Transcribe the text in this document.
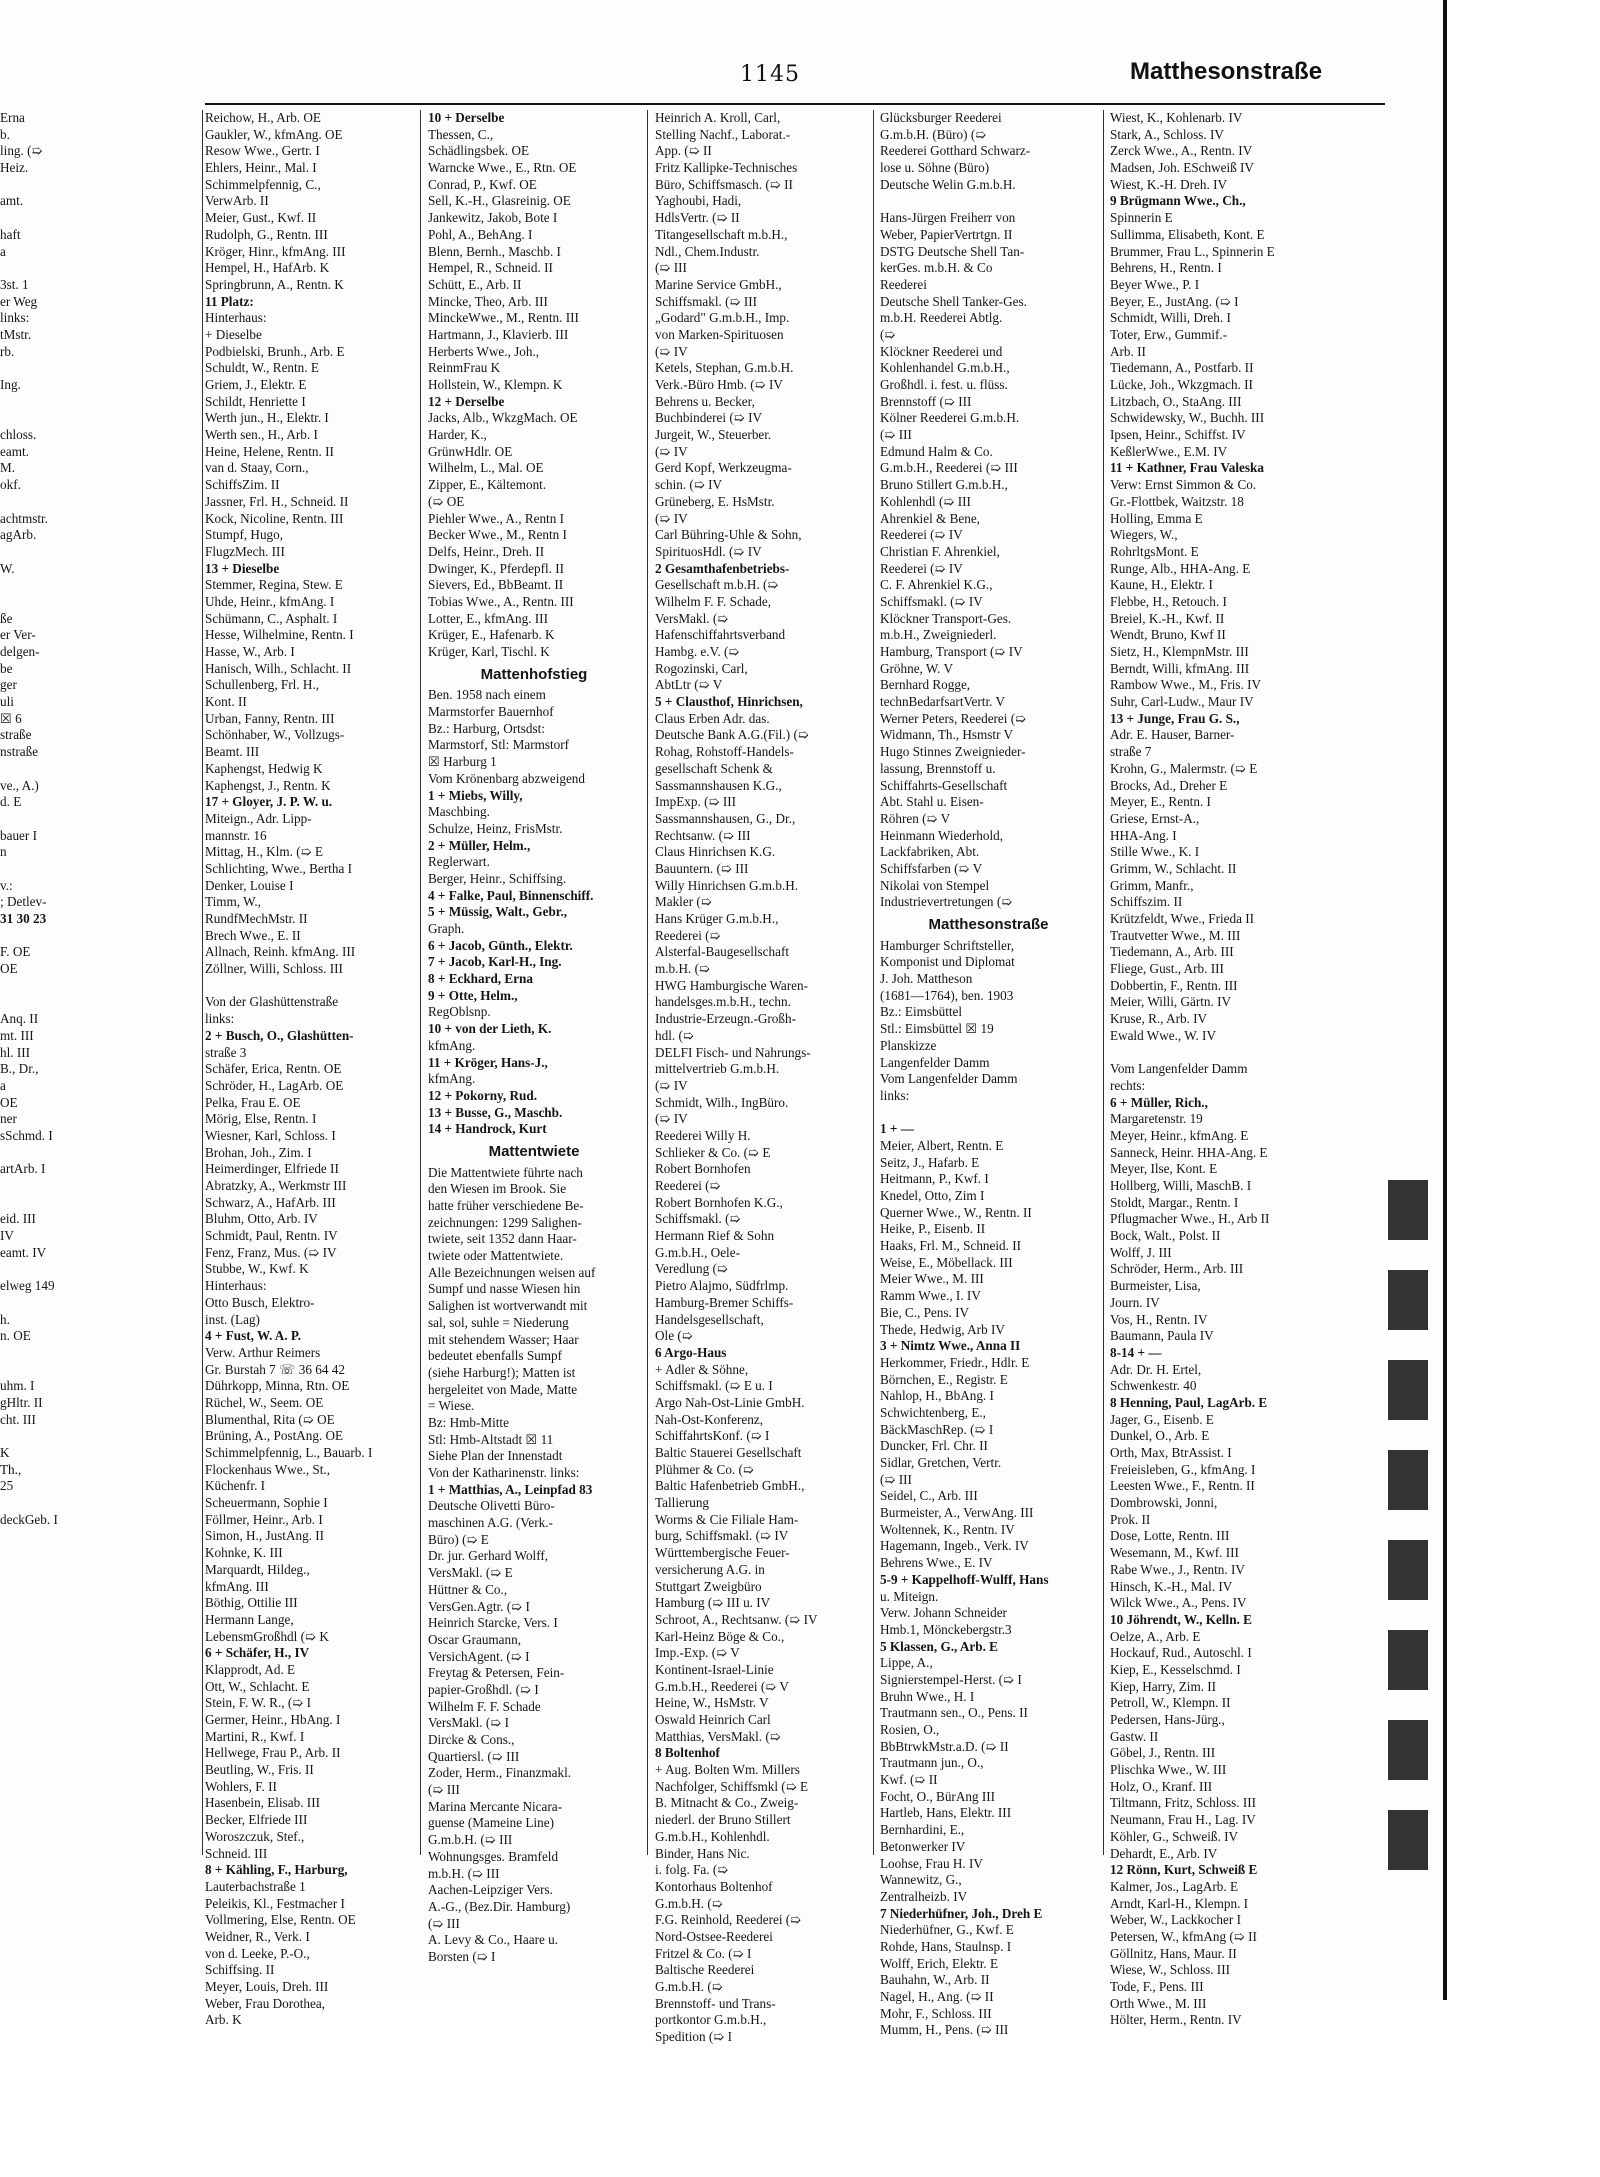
1145	Matthesonstraße
Erna
b.
ling. (➯
Heiz.
amt.
haft
a
3st. 1
er Weg
links:
tMstr.
rb.
Ing.
chloss.
eamt.
M.
okf.
achtmstr.
agArb.
W.
ße
er Ver-
delgen-
be
ger
uli
☒ 6
straße
nstraße
ve., A.)
d. E
bauer I
n
v.:
; Detlev-
31 30 23
F. OE
OE
Anq. II
mt. III
hl. III
B., Dr.,
a
OE
ner
sSchmd. I
artArb. I
eid. III
IV
eamt. IV
elweg 149
h.
n. OE
uhm. I
gHltr. II
cht. III
K
Th.,
25
deckGeb. I
Reichow, H., Arb. OE
Gaukler, W., kfmAng. OE
Resow Wwe., Gertr. I
Ehlers, Heinr., Mal. I
Schimmelpfennig, C.,
VerwArb. II
Meier, Gust., Kwf. II
Rudolph, G., Rentn. III
Kröger, Hinr., kfmAng. III
Hempel, H., HafArb. K
Springbrunn, A., Rentn. K
11 Platz:
Hinterhaus:
+ Dieselbe
Podbielski, Brunh., Arb. E
Schuldt, W., Rentn. E
Griem, J., Elektr. E
Schildt, Henriette I
Werth jun., H., Elektr. I
Werth sen., H., Arb. I
Heine, Helene, Rentn. II
van d. Staay, Corn.,
SchiffsZim. II
Jassner, Frl. H., Schneid. II
Kock, Nicoline, Rentn. III
Stumpf, Hugo,
FlugzMech. III
13 + Dieselbe
Stemmer, Regina, Stew. E
Uhde, Heinr., kfmAng. I
Schümann, C., Asphalt. I
Hesse, Wilhelmine, Rentn. I
Hasse, W., Arb. I
Hanisch, Wilh., Schlacht. II
Schullenberg, Frl. H.,
Kont. II
Urban, Fanny, Rentn. III
Schönhaber, W., Vollzugs-
Beamt. III
Kaphengst, Hedwig K
Kaphengst, J., Rentn. K
17 + Gloyer, J. P. W. u.
Miteign., Adr. Lipp-
mannstr. 16
Mittag, H., Klm. (➯ E
Schlichting, Wwe., Bertha I
Denker, Louise I
Timm, W.,
RundfMechMstr. II
Brech Wwe., E. II
Allnach, Reinh. kfmAng. III
Zöllner, Willi, Schloss. III
Von der Glashüttenstraße
links:
2 + Busch, O., Glashütten-
straße 3
Schäfer, Erica, Rentn. OE
Schröder, H., LagArb. OE
Pelka, Frau E. OE
Mörig, Else, Rentn. I
Wiesner, Karl, Schloss. I
Brohan, Joh., Zim. I
Heimerdinger, Elfriede II
Abratzky, A., Werkmstr III
Schwarz, A., HafArb. III
Bluhm, Otto, Arb. IV
Schmidt, Paul, Rentn. IV
Fenz, Franz, Mus. (➯ IV
Stubbe, W., Kwf. K
Hinterhaus:
Otto Busch, Elektro-
inst. (Lag)
4 + Fust, W. A. P.
Verw. Arthur Reimers
Gr. Burstah 7 ☏ 36 64 42
Dührkopp, Minna, Rtn. OE
Rüchel, W., Seem. OE
Blumenthal, Rita (➯ OE
Brüning, A., PostAng. OE
Schimmelpfennig, L., Bauarb. I
Flockenhaus Wwe., St.,
Küchenfr. I
Scheuermann, Sophie I
Föllmer, Heinr., Arb. I
Simon, H., JustAng. II
Kohnke, K. III
Marquardt, Hildeg.,
kfmAng. III
Böthig, Ottilie III
Hermann Lange,
LebensmGroßhdl (➯ K
6 + Schäfer, H., IV
Klapprodt, Ad. E
Ott, W., Schlacht. E
Stein, F. W. R., (➯ I
Germer, Heinr., HbAng. I
Martini, R., Kwf. I
Hellwege, Frau P., Arb. II
Beutling, W., Fris. II
Wohlers, F. II
Hasenbein, Elisab. III
Becker, Elfriede III
Woroszczuk, Stef.,
Schneid. III
8 + Kähling, F., Harburg,
Lauterbachstraße 1
Peleikis, Kl., Festmacher I
Vollmering, Else, Rentn. OE
Weidner, R., Verk. I
von d. Leeke, P.-O.,
Schiffsing. II
Meyer, Louis, Dreh. III
Weber, Frau Dorothea,
Arb. K
10 + Derselbe
Thessen, C.,
Schädlingsbek. OE
Warncke Wwe., E., Rtn. OE
Conrad, P., Kwf. OE
Sell, K.-H., Glasreinig. OE
Jankewitz, Jakob, Bote I
Pohl, A., BehAng. I
Blenn, Bernh., Maschb. I
Hempel, R., Schneid. II
Schütt, E., Arb. II
Mincke, Theo, Arb. III
MinckeWwe., M., Rentn. III
Hartmann, J., Klavierb. III
Herberts Wwe., Joh.,
ReinmFrau K
Hollstein, W., Klempn. K
12 + Derselbe
Jacks, Alb., WkzgMach. OE
Harder, K.,
GrünwHdlr. OE
Wilhelm, L., Mal. OE
Zipper, E., Kältemont.
(➯ OE
Piehler Wwe., A., Rentn I
Becker Wwe., M., Rentn I
Delfs, Heinr., Dreh. II
Dwinger, K., Pferdepfl. II
Sievers, Ed., BbBeamt. II
Tobias Wwe., A., Rentn. III
Lotter, E., kfmAng. III
Krüger, E., Hafenarb. K
Krüger, Karl, Tischl. K
Mattenhofstieg
Ben. 1958 nach einem
Marmstorfer Bauernhof
Bz.: Harburg, Ortsdst:
Marmstorf, Stl: Marmstorf
☒ Harburg 1
Vom Krönenbarg abzweigend
1 + Miebs, Willy,
Maschbing.
Schulze, Heinz, FrisMstr.
2 + Müller, Helm.,
Reglerwart.
Berger, Heinr., Schiffsing.
4 + Falke, Paul, Binnenschiff.
5 + Müssig, Walt., Gebr.,
Graph.
6 + Jacob, Günth., Elektr.
7 + Jacob, Karl-H., Ing.
8 + Eckhard, Erna
9 + Otte, Helm.,
RegOblsnp.
10 + von der Lieth, K.
kfmAng.
11 + Kröger, Hans-J.,
kfmAng.
12 + Pokorny, Rud.
13 + Busse, G., Maschb.
14 + Handrock, Kurt
Mattentwiete
Die Mattentwiete führte nach
den Wiesen im Brook. Sie
hatte früher verschiedene Be-
zeichnungen: 1299 Salighen-
twiete, seit 1352 dann Haar-
twiete oder Mattentwiete.
Alle Bezeichnungen weisen auf
Sumpf und nasse Wiesen hin
Salighen ist wortverwandt mit
sal, sol, suhle = Niederung
mit stehendem Wasser; Haar
bedeutet ebenfalls Sumpf
(siehe Harburg!); Matten ist
hergeleitet von Made, Matte
= Wiese.
Bz: Hmb-Mitte
Stl: Hmb-Altstadt ☒ 11
Siehe Plan der Innenstadt
Von der Katharinenstr. links:
1 + Matthias, A., Leinpfad 83
Deutsche Olivetti Büro-
maschinen A.G. (Verk.-
Büro) (➯ E
Dr. jur. Gerhard Wolff,
VersMakl. (➯ E
Hüttner & Co.,
VersGen.Agtr. (➯ I
Heinrich Starcke, Vers. I
Oscar Graumann,
VersichAgent. (➯ I
Freytag & Petersen, Fein-
papier-Großhdl. (➯ I
Wilhelm F. F. Schade
VersMakl. (➯ I
Dircke & Cons.,
Quartiersl. (➯ III
Zoder, Herm., Finanzmakl.
(➯ III
Marina Mercante Nicara-
guense (Mameine Line)
G.m.b.H. (➯ III
Wohnungsges. Bramfeld
m.b.H. (➯ III
Aachen-Leipziger Vers.
A.-G., (Bez.Dir. Hamburg)
(➯ III
A. Levy & Co., Haare u.
Borsten (➯ I
Heinrich A. Kroll, Carl,
Stelling Nachf., Laborat.-
App. (➯ II
Fritz Kallipke-Technisches
Büro, Schiffsmasch. (➯ II
Yaghoubi, Hadi,
HdlsVertr. (➯ II
Titangesellschaft m.b.H.,
Ndl., Chem.Industr.
(➯ III
Marine Service GmbH.,
Schiffsmakl. (➯ III
„Godard" G.m.b.H., Imp.
von Marken-Spirituosen
(➯ IV
Ketels, Stephan, G.m.b.H.
Verk.-Büro Hmb. (➯ IV
Behrens u. Becker,
Buchbinderei (➯ IV
Jurgeit, W., Steuerber.
(➯ IV
Gerd Kopf, Werkzeugma-
schin. (➯ IV
Grüneberg, E. HsMstr.
(➯ IV
Carl Bühring-Uhle & Sohn,
SpirituosHdl. (➯ IV
2 Gesamthafenbetriebs-
Gesellschaft m.b.H. (➯
Wilhelm F. F. Schade,
VersMakl. (➯
Hafenschiffahrtsverband
Hambg. e.V. (➯
Rogozinski, Carl,
AbtLtr (➯ V
5 + Clausthof, Hinrichsen,
Claus Erben Adr. das.
Deutsche Bank A.G.(Fil.) (➯
Rohag, Rohstoff-Handels-
gesellschaft Schenk &
Sassmannshausen K.G.,
ImpExp. (➯ III
Sassmannshausen, G., Dr.,
Rechtsanw. (➯ III
Claus Hinrichsen K.G.
Bauuntern. (➯ III
Willy Hinrichsen G.m.b.H.
Makler (➯
Hans Krüger G.m.b.H.,
Reederei (➯
Alsterfal-Baugesellschaft
m.b.H. (➯
HWG Hamburgische Waren-
handelsges.m.b.H., techn.
Industrie-Erzeugn.-Großh-
hdl. (➯
DELFI Fisch- und Nahrungs-
mittelvertrieb G.m.b.H.
(➯ IV
Schmidt, Wilh., IngBüro.
(➯ IV
Reederei Willy H.
Schlieker & Co. (➯ E
Robert Bornhofen
Reederei (➯
Robert Bornhofen K.G.,
Schiffsmakl. (➯
Hermann Rief & Sohn
G.m.b.H., Oele-
Veredlung (➯
Pietro Alajmo, Südfrlmp.
Hamburg-Bremer Schiffs-
Handelsgesellschaft,
Ole (➯
6 Argo-Haus
+ Adler & Söhne,
Schiffsmakl. (➯ E u. I
Argo Nah-Ost-Linie GmbH.
Nah-Ost-Konferenz,
SchiffahrtsKonf. (➯ I
Baltic Stauerei Gesellschaft
Plühmer & Co. (➯
Baltic Hafenbetrieb GmbH.,
Tallierung
Worms & Cie Filiale Ham-
burg, Schiffsmakl. (➯ IV
Württembergische Feuer-
versicherung A.G. in
Stuttgart Zweigbüro
Hamburg (➯ III u. IV
Schroot, A., Rechtsanw. (➯ IV
Karl-Heinz Böge & Co.,
Imp.-Exp. (➯ V
Kontinent-Israel-Linie
G.m.b.H., Reederei (➯ V
Heine, W., HsMstr. V
Oswald Heinrich Carl
Matthias, VersMakl. (➯
8 Boltenhof
+ Aug. Bolten Wm. Millers
Nachfolger, Schiffsmkl (➯ E
B. Mitnacht & Co., Zweig-
niederl. der Bruno Stillert
G.m.b.H., Kohlenhdl.
Binder, Hans Nic.
i. folg. Fa. (➯
Kontorhaus Boltenhof
G.m.b.H. (➯
F.G. Reinhold, Reederei (➯
Nord-Ostsee-Reederei
Fritzel & Co. (➯ I
Baltische Reederei
G.m.b.H. (➯
Brennstoff- und Trans-
portkontor G.m.b.H.,
Spedition (➯ I
Glücksburger Reederei
G.m.b.H. (Büro) (➯
Reederei Gotthard Schwarz-
lose u. Söhne (Büro)
Deutsche Welin G.m.b.H.
Hans-Jürgen Freiherr von
Weber, PapierVertrtgn. II
DSTG Deutsche Shell Tan-
kerGes. m.b.H. & Co
Reederei
Deutsche Shell Tanker-Ges.
m.b.H. Reederei Abtlg.
(➯
Klöckner Reederei und
Kohlenhandel G.m.b.H.,
Großhdl. i. fest. u. flüss.
Brennstoff (➯ III
Kölner Reederei G.m.b.H.
(➯ III
Edmund Halm & Co.
G.m.b.H., Reederei (➯ III
Bruno Stillert G.m.b.H.,
Kohlenhdl (➯ III
Ahrenkiel & Bene,
Reederei (➯ IV
Christian F. Ahrenkiel,
Reederei (➯ IV
C. F. Ahrenkiel K.G.,
Schiffsmakl. (➯ IV
Klöckner Transport-Ges.
m.b.H., Zweigniederl.
Hamburg, Transport (➯ IV
Gröhne, W. V
Bernhard Rogge,
technBedarfsartVertr. V
Werner Peters, Reederei (➯
Widmann, Th., Hsmstr V
Hugo Stinnes Zweignieder-
lassung, Brennstoff u.
Schiffahrts-Gesellschaft
Abt. Stahl u. Eisen-
Röhren (➯ V
Heinmann Wiederhold,
Lackfabriken, Abt.
Schiffsfarben (➯ V
Nikolai von Stempel
Industrievertretungen (➯
Matthesonstraße
Hamburger Schriftsteller,
Komponist und Diplomat
J. Joh. Mattheson
(1681—1764), ben. 1903
Bz.: Eimsbüttel
Stl.: Eimsbüttel ☒ 19
Planskizze
Langenfelder Damm
Vom Langenfelder Damm
links:
1 + —
Meier, Albert, Rentn. E
Seitz, J., Hafarb. E
Heitmann, P., Kwf. I
Knedel, Otto, Zim I
Querner Wwe., W., Rentn. II
Heike, P., Eisenb. II
Haaks, Frl. M., Schneid. II
Weise, E., Möbellack. III
Meier Wwe., M. III
Ramm Wwe., I. IV
Bie, C., Pens. IV
Thede, Hedwig, Arb IV
3 + Nimtz Wwe., Anna II
Herkommer, Friedr., Hdlr. E
Börnchen, E., Registr. E
Nahlop, H., BbAng. I
Schwichtenberg, E.,
BäckMaschRep. (➯ I
Duncker, Frl. Chr. II
Sidlar, Gretchen, Vertr.
(➯ III
Seidel, C., Arb. III
Burmeister, A., VerwAng. III
Woltennek, K., Rentn. IV
Hagemann, Ingeb., Verk. IV
Behrens Wwe., E. IV
5-9 + Kappelhoff-Wulff, Hans
u. Miteign.
Verw. Johann Schneider
Hmb.1, Mönckebergstr.3
5 Klassen, G., Arb. E
Lippe, A.,
Signierstempel-Herst. (➯ I
Bruhn Wwe., H. I
Trautmann sen., O., Pens. II
Rosien, O.,
BbBtrwkMstr.a.D. (➯ II
Trautmann jun., O.,
Kwf. (➯ II
Focht, O., BürAng III
Hartleb, Hans, Elektr. III
Bernhardini, E.,
Betonwerker IV
Loohse, Frau H. IV
Wannewitz, G.,
Zentralheizb. IV
7 Niederhüfner, Joh., Dreh E
Niederhüfner, G., Kwf. E
Rohde, Hans, Staulnsp. I
Wolff, Erich, Elektr. E
Bauhahn, W., Arb. II
Nagel, H., Ang. (➯ II
Mohr, F., Schloss. III
Mumm, H., Pens. (➯ III
Wiest, K., Kohlenarb. IV
Stark, A., Schloss. IV
Zerck Wwe., A., Rentn. IV
Madsen, Joh. ESchweiß IV
Wiest, K.-H. Dreh. IV
9 Brügmann Wwe., Ch.,
Spinnerin E
Sullimma, Elisabeth, Kont. E
Brummer, Frau L., Spinnerin E
Behrens, H., Rentn. I
Beyer Wwe., P. I
Beyer, E., JustAng. (➯ I
Schmidt, Willi, Dreh. I
Toter, Erw., Gummif.-
Arb. II
Tiedemann, A., Postfarb. II
Lücke, Joh., Wkzgmach. II
Litzbach, O., StaAng. III
Schwidewsky, W., Buchh. III
Ipsen, Heinr., Schiffst. IV
KeßlerWwe., E.M. IV
11 + Kathner, Frau Valeska
Verw: Ernst Simmon & Co.
Gr.-Flottbek, Waitzstr. 18
Holling, Emma E
Wiegers, W.,
RohrltgsMont. E
Runge, Alb., HHA-Ang. E
Kaune, H., Elektr. I
Flebbe, H., Retouch. I
Breiel, K.-H., Kwf. II
Wendt, Bruno, Kwf II
Sietz, H., KlempnMstr. III
Berndt, Willi, kfmAng. III
Rambow Wwe., M., Fris. IV
Suhr, Carl-Ludw., Maur IV
13 + Junge, Frau G. S.,
Adr. E. Hauser, Barner-
straße 7
Krohn, G., Malermstr. (➯ E
Brocks, Ad., Dreher E
Meyer, E., Rentn. I
Griese, Ernst-A.,
HHA-Ang. I
Stille Wwe., K. I
Grimm, W., Schlacht. II
Grimm, Manfr.,
Schiffszim. II
Krützfeldt, Wwe., Frieda II
Trautvetter Wwe., M. III
Tiedemann, A., Arb. III
Fliege, Gust., Arb. III
Dobbertin, F., Rentn. III
Meier, Willi, Gärtn. IV
Kruse, R., Arb. IV
Ewald Wwe., W. IV
Vom Langenfelder Damm
rechts:
6 + Müller, Rich.,
Margaretenstr. 19
Meyer, Heinr., kfmAng. E
Sanneck, Heinr. HHA-Ang. E
Meyer, Ilse, Kont. E
Hollberg, Willi, MaschB. I
Stoldt, Margar., Rentn. I
Pflugmacher Wwe., H., Arb II
Bock, Walt., Polst. II
Wolff, J. III
Schröder, Herm., Arb. III
Burmeister, Lisa,
Journ. IV
Vos, H., Rentn. IV
Baumann, Paula IV
8-14 + —
Adr. Dr. H. Ertel,
Schwenkestr. 40
8 Henning, Paul, LagArb. E
Jager, G., Eisenb. E
Dunkel, O., Arb. E
Orth, Max, BtrAssist. I
Freieisleben, G., kfmAng. I
Leesten Wwe., F., Rentn. II
Dombrowski, Jonni,
Prok. II
Dose, Lotte, Rentn. III
Wesemann, M., Kwf. III
Rabe Wwe., J., Rentn. IV
Hinsch, K.-H., Mal. IV
Wilck Wwe., A., Pens. IV
10 Jöhrendt, W., Kelln. E
Oelze, A., Arb. E
Hockauf, Rud., Autoschl. I
Kiep, E., Kesselschmd. I
Kiep, Harry, Zim. II
Petroll, W., Klempn. II
Pedersen, Hans-Jürg.,
Gastw. II
Göbel, J., Rentn. III
Plischka Wwe., W. III
Holz, O., Kranf. III
Tiltmann, Fritz, Schloss. III
Neumann, Frau H., Lag. IV
Köhler, G., Schweiß. IV
Dehardt, E., Arb. IV
12 Rönn, Kurt, Schweiß E
Kalmer, Jos., LagArb. E
Arndt, Karl-H., Klempn. I
Weber, W., Lackkocher I
Petersen, W., kfmAng (➯ II
Göllnitz, Hans, Maur. II
Wiese, W., Schloss. III
Tode, F., Pens. III
Orth Wwe., M. III
Hölter, Herm., Rentn. IV
